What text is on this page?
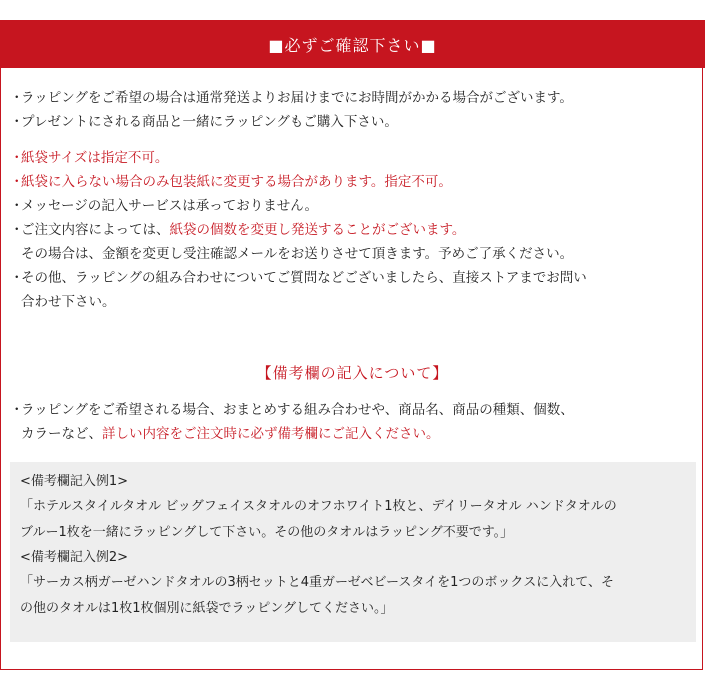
■必ずご確認下さい■
・
ラッピングをご希望の場合は通常発送よりお届けまでにお時間がかかる場合がございます。
・
プレゼントにされる商品と一緒にラッピングもご購入下さい。
・
紙袋サイズは指定不可。
・
紙袋に入らない場合のみ包装紙に変更する場合があります。指定不可。
・
メッセージの記入サービスは承っておりません。
・
ご注文内容によっては、紙袋の個数を変更し発送することがございます。
その場合は、金額を変更し受注確認メールをお送りさせて頂きます。予めご了承ください。
・
その他、ラッピングの組み合わせについてご質問などございましたら、直接ストアまでお問い
合わせ下さい。
【備考欄の記入について】
・
ラッピングをご希望される場合、おまとめする組み合わせや、商品名、商品の種類、個数、
カラーなど、詳しい内容をご注文時に必ず備考欄にご記入ください。
<備考欄記入例1>
「ホテルスタイルタオル ビッグフェイスタオルのオフホワイト1枚と、デイリータオル ハンドタオルの
ブルー1枚を一緒にラッピングして下さい。その他のタオルはラッピング不要です。」
<備考欄記入例2>
「サーカス柄ガーゼハンドタオルの3柄セットと4重ガーゼベビースタイを1つのボックスに入れて、そ
の他のタオルは1枚1枚個別に紙袋でラッピングしてください。」
